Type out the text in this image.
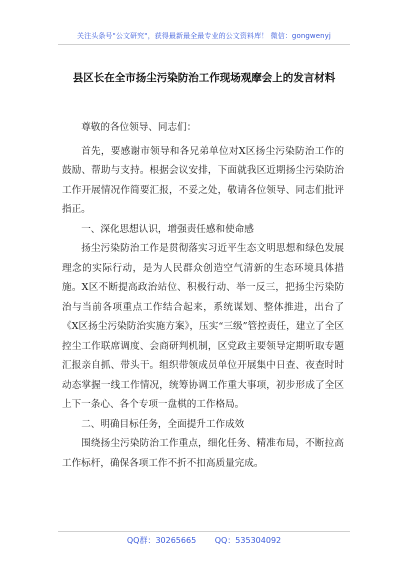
关注头条号"公文研究"，获得最新最全最专业的公文资料库！ 微信：gongwenyj
县区长在全市扬尘污染防治工作现场观摩会上的发言材料

尊敬的各位领导、同志们：

首先，要感谢市领导和各兄弟单位对X区扬尘污染防治工作的鼓励、帮助与支持。根据会议安排，下面就我区近期扬尘污染防治工作开展情况作简要汇报，不妥之处，敬请各位领导、同志们批评指正。

一、深化思想认识，增强责任感和使命感

扬尘污染防治工作是贯彻落实习近平生态文明思想和绿色发展理念的实际行动，是为人民群众创造空气清新的生态环境具体措施。X区不断提高政治站位、积极行动、举一反三，把扬尘污染防治与当前各项重点工作结合起来，系统谋划、整体推进，出台了《X区扬尘污染防治实施方案》，压实“三级”管控责任，建立了全区控尘工作联席调度、会商研判机制，区党政主要领导定期听取专题汇报亲自抓、带头干。组织带领成员单位开展集中日查、夜查时时动态掌握一线工作情况，统筹协调工作重大事项，初步形成了全区上下一条心、各个专项一盘棋的工作格局。

二、明确目标任务，全面提升工作成效

围绕扬尘污染防治工作重点，细化任务、精准布局，不断拉高工作标杆，确保各项工作不折不扣高质量完成。

QQ群：30265665 QQ：535304092
